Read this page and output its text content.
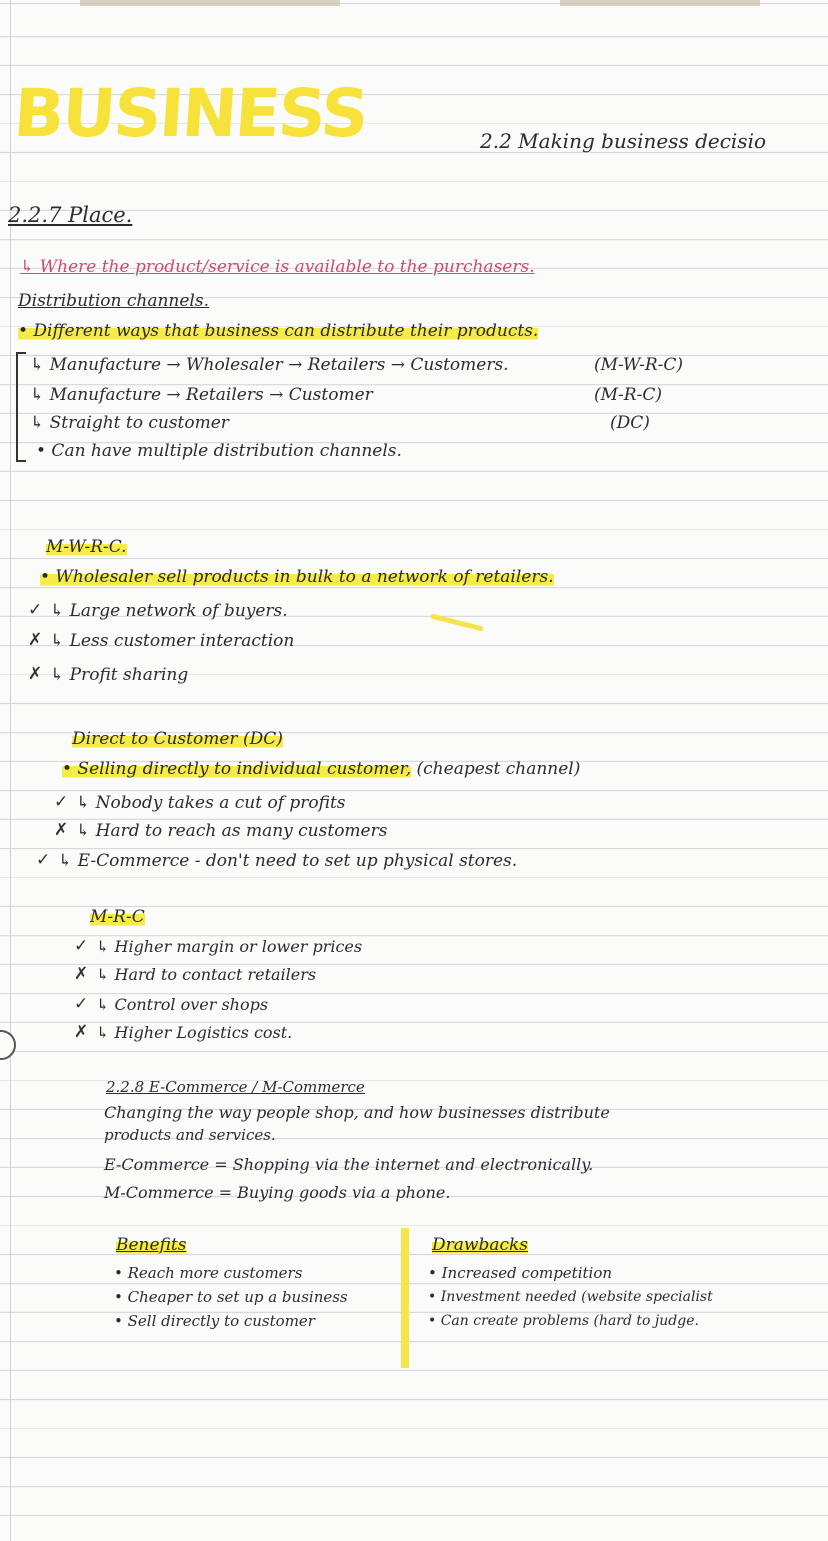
BUSINESS	2.2 Making business decisio
2.2.7 Place.
↳ Where the product/service is available to the purchasers.
Distribution channels.
• Different ways that business can distribute their products.
↳ Manufacture → Wholesaler → Retailers → Customers.	(M-W-R-C)
↳ Manufacture → Retailers → Customer	(M-R-C)
↳ Straight to customer	(DC)
• Can have multiple distribution channels.
M-W-R-C.
• Wholesaler sell products in bulk to a network of retailers.
✓ ↳ Large network of buyers.
✗ ↳ Less customer interaction
✗ ↳ Profit sharing
Direct to Customer (DC)
• Selling directly to individual customer, (cheapest channel)
✓ ↳ Nobody takes a cut of profits
✗ ↳ Hard to reach as many customers
✓ ↳ E-Commerce - don't need to set up physical stores.
M-R-C
✓ ↳ Higher margin or lower prices
✗ ↳ Hard to contact retailers
✓ ↳ Control over shops
✗ ↳ Higher Logistics cost.
2.2.8 E-Commerce / M-Commerce
Changing the way people shop, and how businesses distribute
products and services.
E-Commerce = Shopping via the internet and electronically.
M-Commerce = Buying goods via a phone.
Benefits
• Reach more customers
• Cheaper to set up a business
• Sell directly to customer
Drawbacks
• Increased competition
• Investment needed (website specialist
• Can create problems (hard to judge.
